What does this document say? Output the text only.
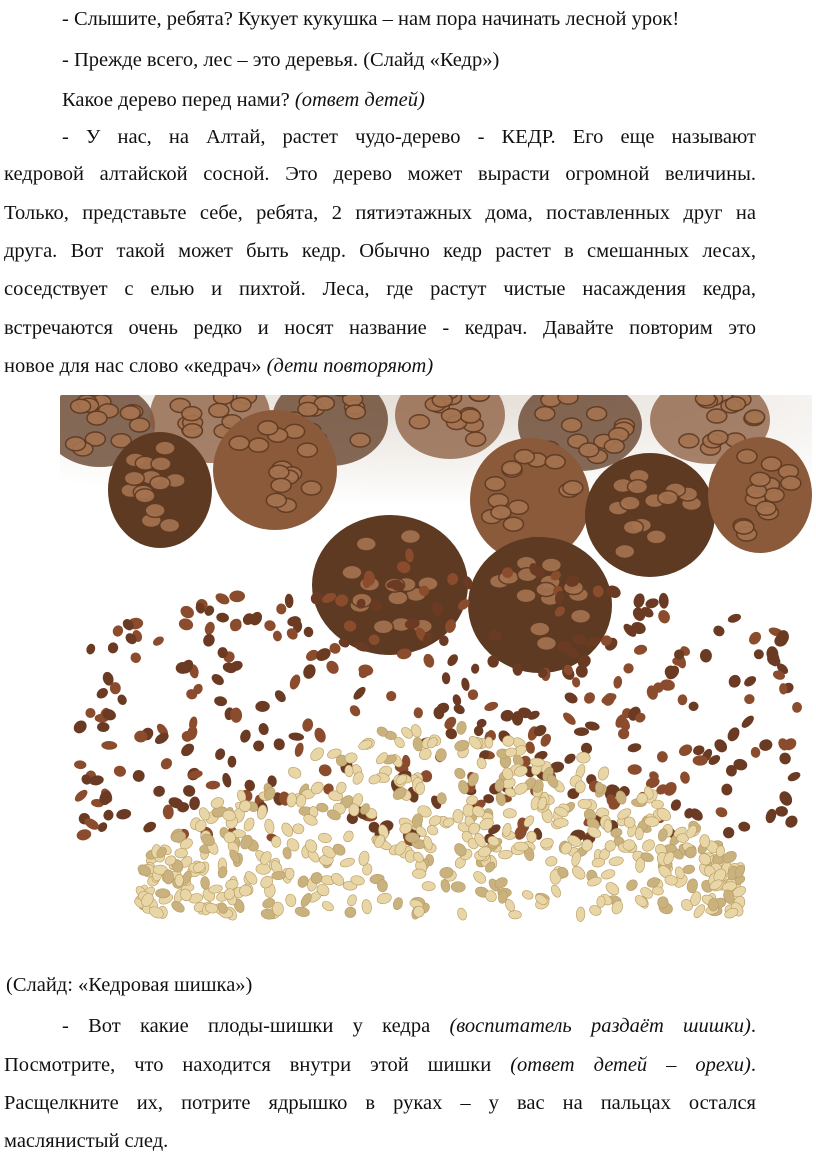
- Слышите, ребята? Кукует кукушка – нам пора начинать лесной урок!
- Прежде всего, лес – это деревья. (Слайд «Кедр»)
Какое дерево перед нами? (ответ детей)
- У нас, на Алтай, растет чудо-дерево - КЕДР. Его еще называют
кедровой алтайской сосной. Это дерево может вырасти огромной величины.
Только, представьте себе, ребята, 2 пятиэтажных дома, поставленных друг на
друга. Вот такой может быть кедр. Обычно кедр растет в смешанных лесах,
соседствует с елью и пихтой. Леса, где растут чистые насаждения кедра,
встречаются очень редко и носят название - кедрач. Давайте повторим это
новое для нас слово «кедрач» (дети повторяют)
(Слайд: «Кедровая шишка»)
- Вот какие плоды-шишки у кедра (воспитатель раздаёт шишки).
Посмотрите, что находится внутри этой шишки (ответ детей – орехи).
Расщелкните их, потрите ядрышко в руках – у вас на пальцах остался
маслянистый след.
